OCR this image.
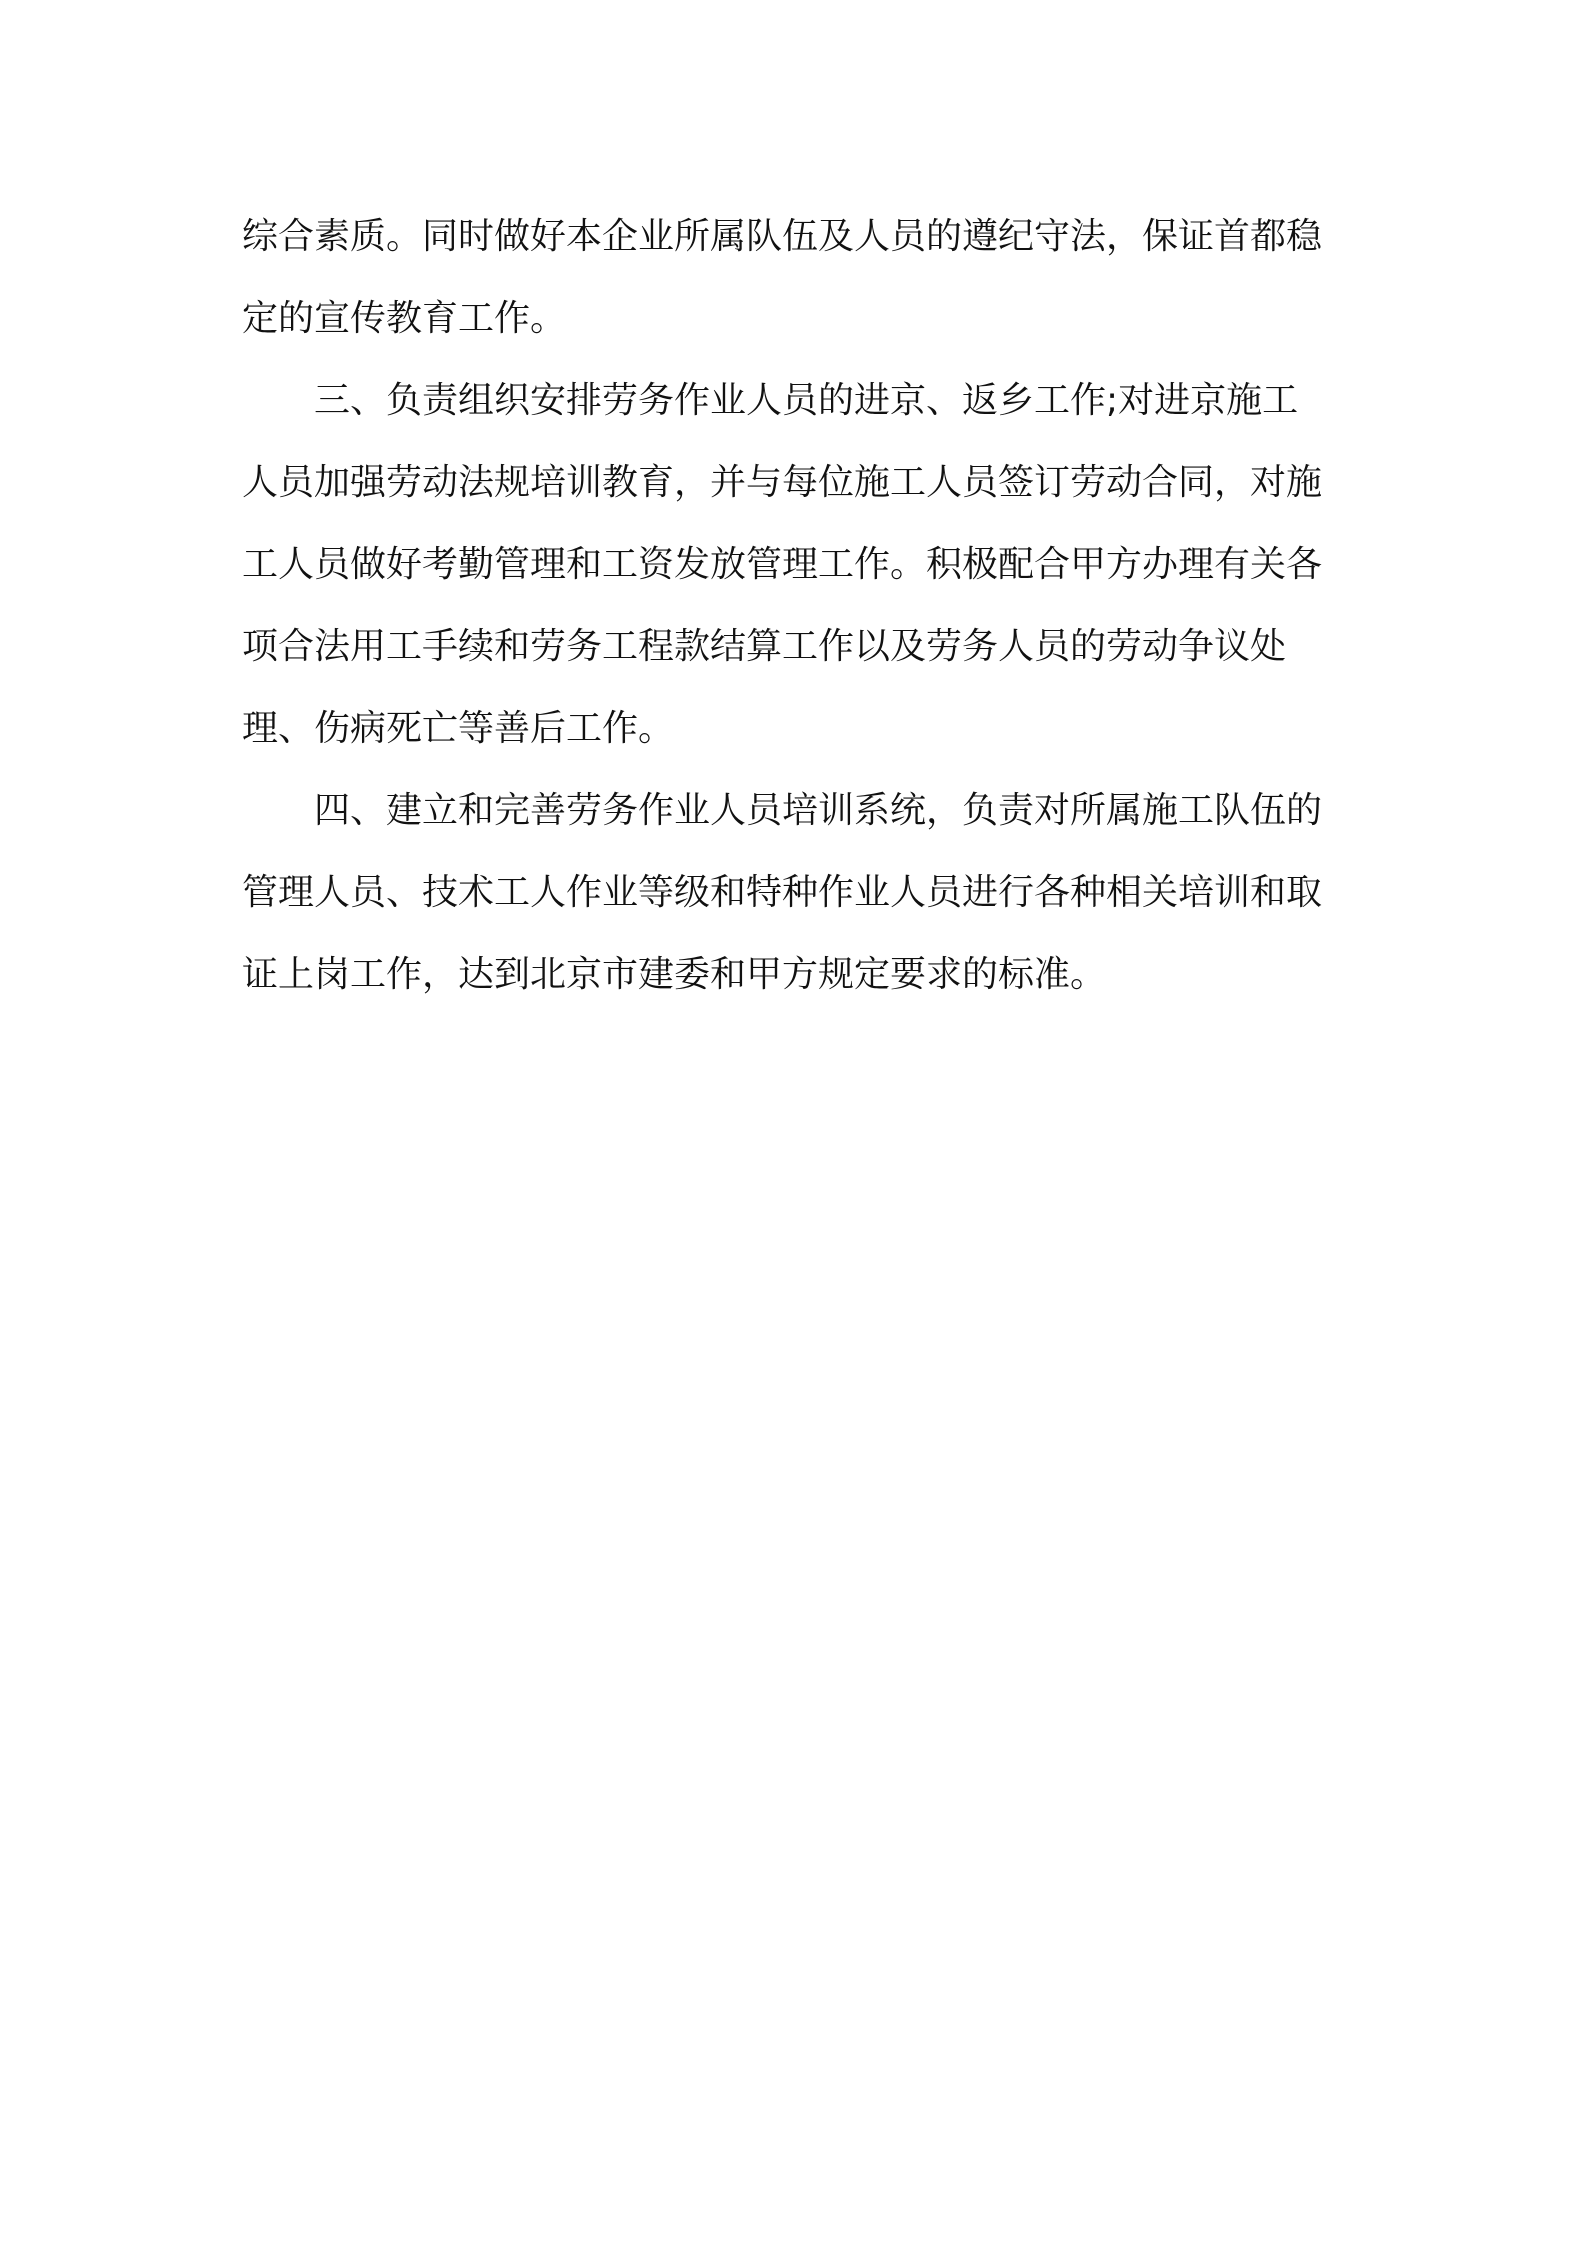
综合素质。同时做好本企业所属队伍及人员的遵纪守法，保证首都稳
定的宣传教育工作。
三、负责组织安排劳务作业人员的进京、返乡工作;对进京施工
人员加强劳动法规培训教育，并与每位施工人员签订劳动合同，对施
工人员做好考勤管理和工资发放管理工作。积极配合甲方办理有关各
项合法用工手续和劳务工程款结算工作以及劳务人员的劳动争议处
理、伤病死亡等善后工作。
四、建立和完善劳务作业人员培训系统，负责对所属施工队伍的
管理人员、技术工人作业等级和特种作业人员进行各种相关培训和取
证上岗工作，达到北京市建委和甲方规定要求的标准。
